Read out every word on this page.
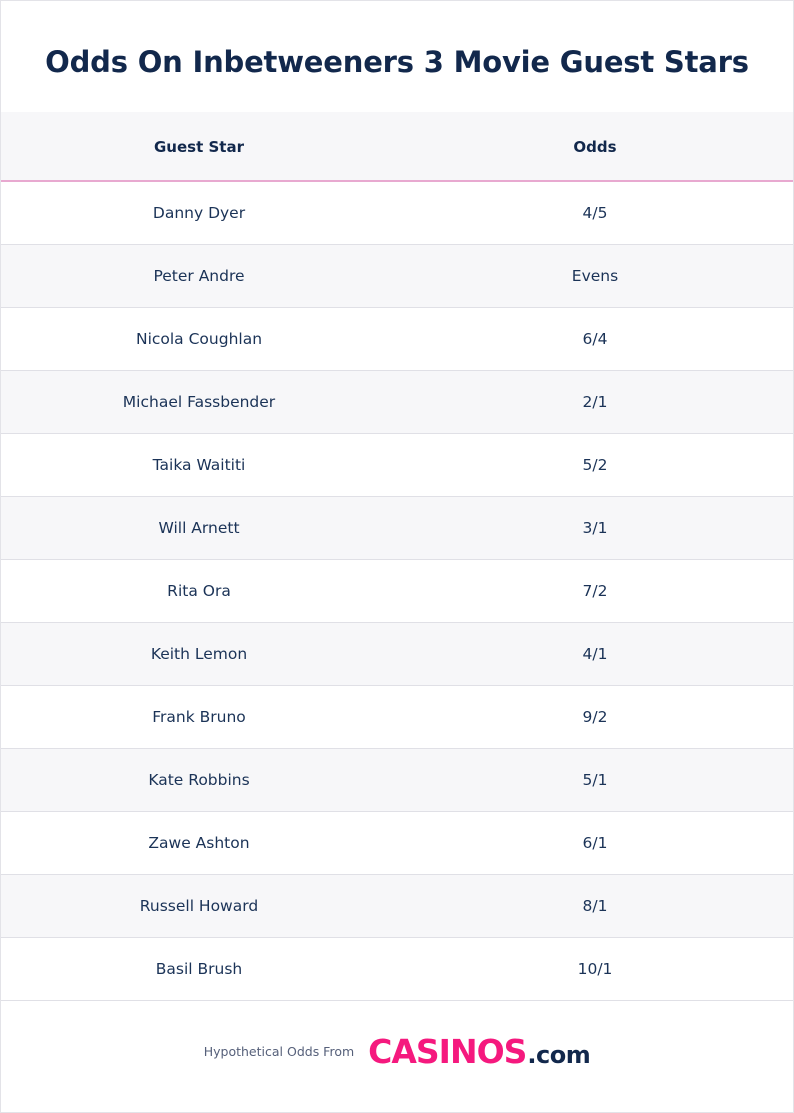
Odds On Inbetweeners 3 Movie Guest Stars
Guest Star	Odds
Danny Dyer	4/5
Peter Andre	Evens
Nicola Coughlan	6/4
Michael Fassbender	2/1
Taika Waititi	5/2
Will Arnett	3/1
Rita Ora	7/2
Keith Lemon	4/1
Frank Bruno	9/2
Kate Robbins	5/1
Zawe Ashton	6/1
Russell Howard	8/1
Basil Brush	10/1
Hypothetical Odds From CASINOS .com
